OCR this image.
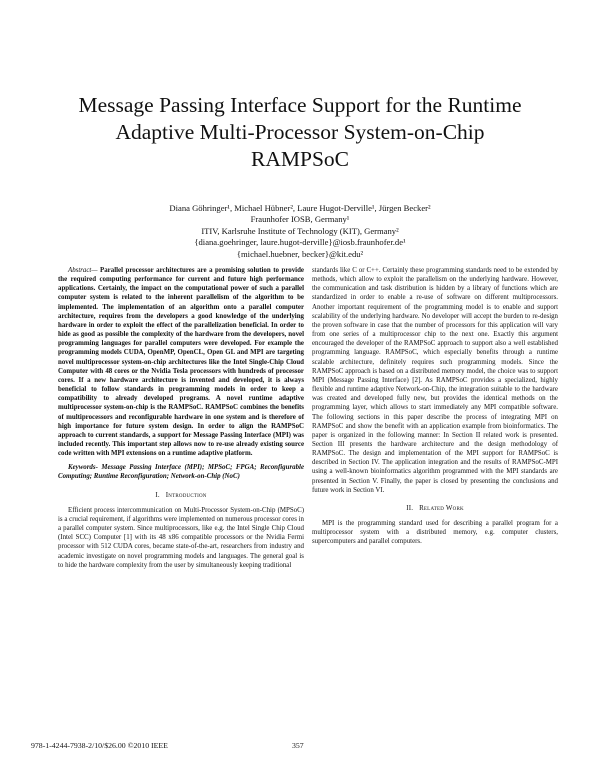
Message Passing Interface Support for the Runtime
Adaptive Multi-Processor System-on-Chip
RAMPSoC
Diana Göhringer¹, Michael Hübner², Laure Hugot-Derville¹, Jürgen Becker²
Fraunhofer IOSB, Germany¹
ITIV, Karlsruhe Institute of Technology (KIT), Germany²
{diana.goehringer, laure.hugot-derville}@iosb.fraunhofer.de¹
{michael.huebner, becker}@kit.edu²

Abstract— Parallel processor architectures are a promising solution to provide the required computing performance for current and future high performance applications. Certainly, the impact on the computational power of such a parallel computer system is related to the inherent parallelism of the algorithm to be implemented. The implementation of an algorithm onto a parallel computer architecture, requires from the developers a good knowledge of the underlying hardware in order to exploit the effect of the parallelization beneficial. In order to hide as good as possible the complexity of the hardware from the developers, novel programming languages for parallel computers were developed. For example the programming models CUDA, OpenMP, OpenCL, Open GL and MPI are targeting novel multiprocessor system-on-chip architectures like the Intel Single-Chip Cloud Computer with 48 cores or the Nvidia Tesla processors with hundreds of processor cores. If a new hardware architecture is invented and developed, it is always beneficial to follow standards in programming models in order to keep a compatibility to already developed programs. A novel runtime adaptive multiprocessor system-on-chip is the RAMPSoC. RAMPSoC combines the benefits of multiprocessors and reconfigurable hardware in one system and is therefore of high importance for future system design. In order to align the RAMPSoC approach to current standards, a support for Message Passing Interface (MPI) was included recently. This important step allows now to re-use already existing source code written with MPI extensions on a runtime adaptive platform.

Keywords- Message Passing Interface (MPI); MPSoC; FPGA; Reconfigurable Computing; Runtime Reconfiguration; Network-on-Chip (NoC)

I. Introduction

Efficient process intercommunication on Multi-Processor System-on-Chip (MPSoC) is a crucial requirement, if algorithms were implemented on numerous processor cores in a parallel computer system. Since multiprocessors, like e.g. the Intel Single Chip Cloud (Intel SCC) Computer [1] with its 48 x86 compatible processors or the Nvidia Fermi processor with 512 CUDA cores, became state-of-the-art, researchers from industry and academic investigate on novel programming models and languages. The general goal is to hide the hardware complexity from the user by simultaneously keeping traditional

standards like C or C++. Certainly these programming standards need to be extended by methods, which allow to exploit the parallelism on the underlying hardware. However, the communication and task distribution is hidden by a library of functions which are standardized in order to enable a re-use of software on different multiprocessors. Another important requirement of the programming model is to enable and support scalability of the underlying hardware. No developer will accept the burden to re-design the proven software in case that the number of processors for this application will vary from one series of a multiprocessor chip to the next one. Exactly this argument encouraged the developer of the RAMPSoC approach to support also a well established programming language. RAMPSoC, which especially benefits through a runtime scalable architecture, definitely requires such programming models. Since the RAMPSoC approach is based on a distributed memory model, the choice was to support MPI (Message Passing Interface) [2]. As RAMPSoC provides a specialized, highly flexible and runtime adaptive Network-on-Chip, the integration suitable to the hardware was created and developed fully new, but provides the identical methods on the programming layer, which allows to start immediately any MPI compatible software. The following sections in this paper describe the process of integrating MPI on RAMPSoC and show the benefit with an application example from bioinformatics. The paper is organized in the following manner: In Section II related work is presented. Section III presents the hardware architecture and the design methodology of RAMPSoC. The design and implementation of the MPI support for RAMPSoC is described in Section IV. The application integration and the results of RAMPSoC-MPI using a well-known bioinformatics algorithm programmed with the MPI standards are presented in Section V. Finally, the paper is closed by presenting the conclusions and future work in Section VI.

II. Related Work

MPI is the programming standard used for describing a parallel program for a multiprocessor system with a distributed memory, e.g. computer clusters, supercomputers and parallel computers.

978-1-4244-7938-2/10/$26.00 ©2010 IEEE	357
